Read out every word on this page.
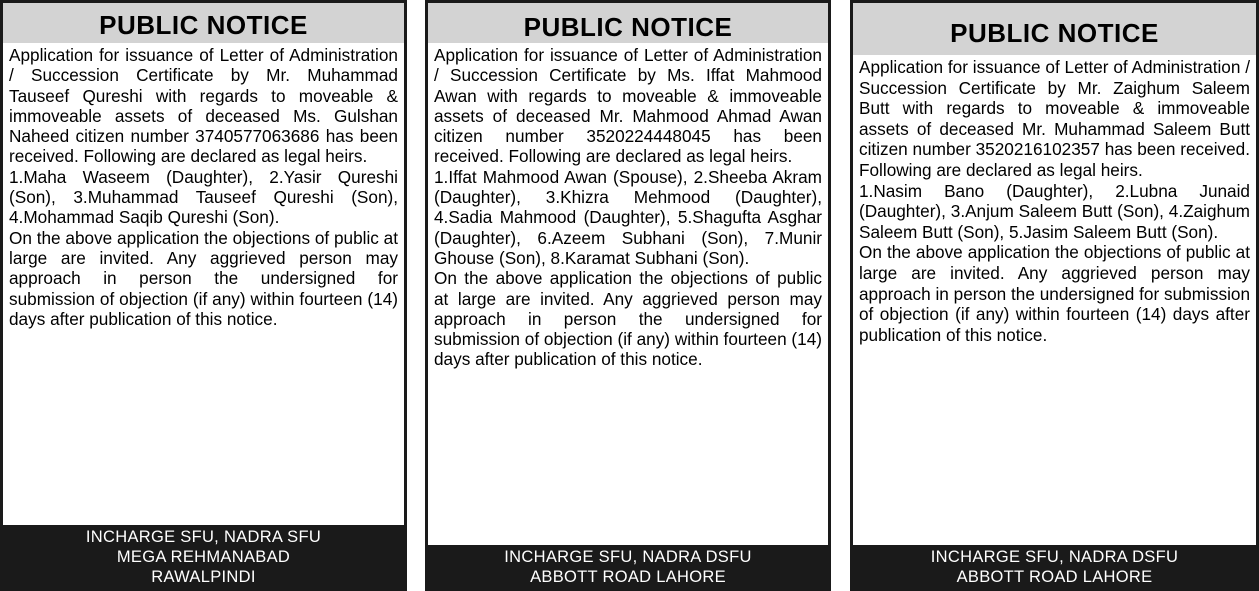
PUBLIC NOTICE

Application for issuance of Letter of Administration / Succession Certificate by Mr. Muhammad Tauseef Qureshi with regards to moveable & immoveable assets of deceased Ms. Gulshan Naheed citizen number 3740577063686 has been received. Following are declared as legal heirs.

1.Maha Waseem (Daughter), 2.Yasir Qureshi (Son), 3.Muhammad Tauseef Qureshi (Son), 4.Mohammad Saqib Qureshi (Son).

On the above application the objections of public at large are invited. Any aggrieved person may approach in person the undersigned for submission of objection (if any) within fourteen (14) days after publication of this notice.

INCHARGE SFU, NADRA SFU
MEGA REHMANABAD
RAWALPINDI
PUBLIC NOTICE

Application for issuance of Letter of Administration / Succession Certificate by Ms. Iffat Mahmood Awan with regards to moveable & immoveable assets of deceased Mr. Mahmood Ahmad Awan citizen number 3520224448045 has been received. Following are declared as legal heirs.

1.Iffat Mahmood Awan (Spouse), 2.Sheeba Akram (Daughter), 3.Khizra Mehmood (Daughter), 4.Sadia Mahmood (Daughter), 5.Shagufta Asghar (Daughter), 6.Azeem Subhani (Son), 7.Munir Ghouse (Son), 8.Karamat Subhani (Son).

On the above application the objections of public at large are invited. Any aggrieved person may approach in person the undersigned for submission of objection (if any) within fourteen (14) days after publication of this notice.

INCHARGE SFU, NADRA DSFU
ABBOTT ROAD LAHORE
PUBLIC NOTICE

Application for issuance of Letter of Administration / Succession Certificate by Mr. Zaighum Saleem Butt with regards to moveable & immoveable assets of deceased Mr. Muhammad Saleem Butt citizen number 3520216102357 has been received. Following are declared as legal heirs.

1.Nasim Bano (Daughter), 2.Lubna Junaid (Daughter), 3.Anjum Saleem Butt (Son), 4.Zaighum Saleem Butt (Son), 5.Jasim Saleem Butt (Son).

On the above application the objections of public at large are invited. Any aggrieved person may approach in person the undersigned for submission of objection (if any) within fourteen (14) days after publication of this notice.

INCHARGE SFU, NADRA DSFU
ABBOTT ROAD LAHORE
